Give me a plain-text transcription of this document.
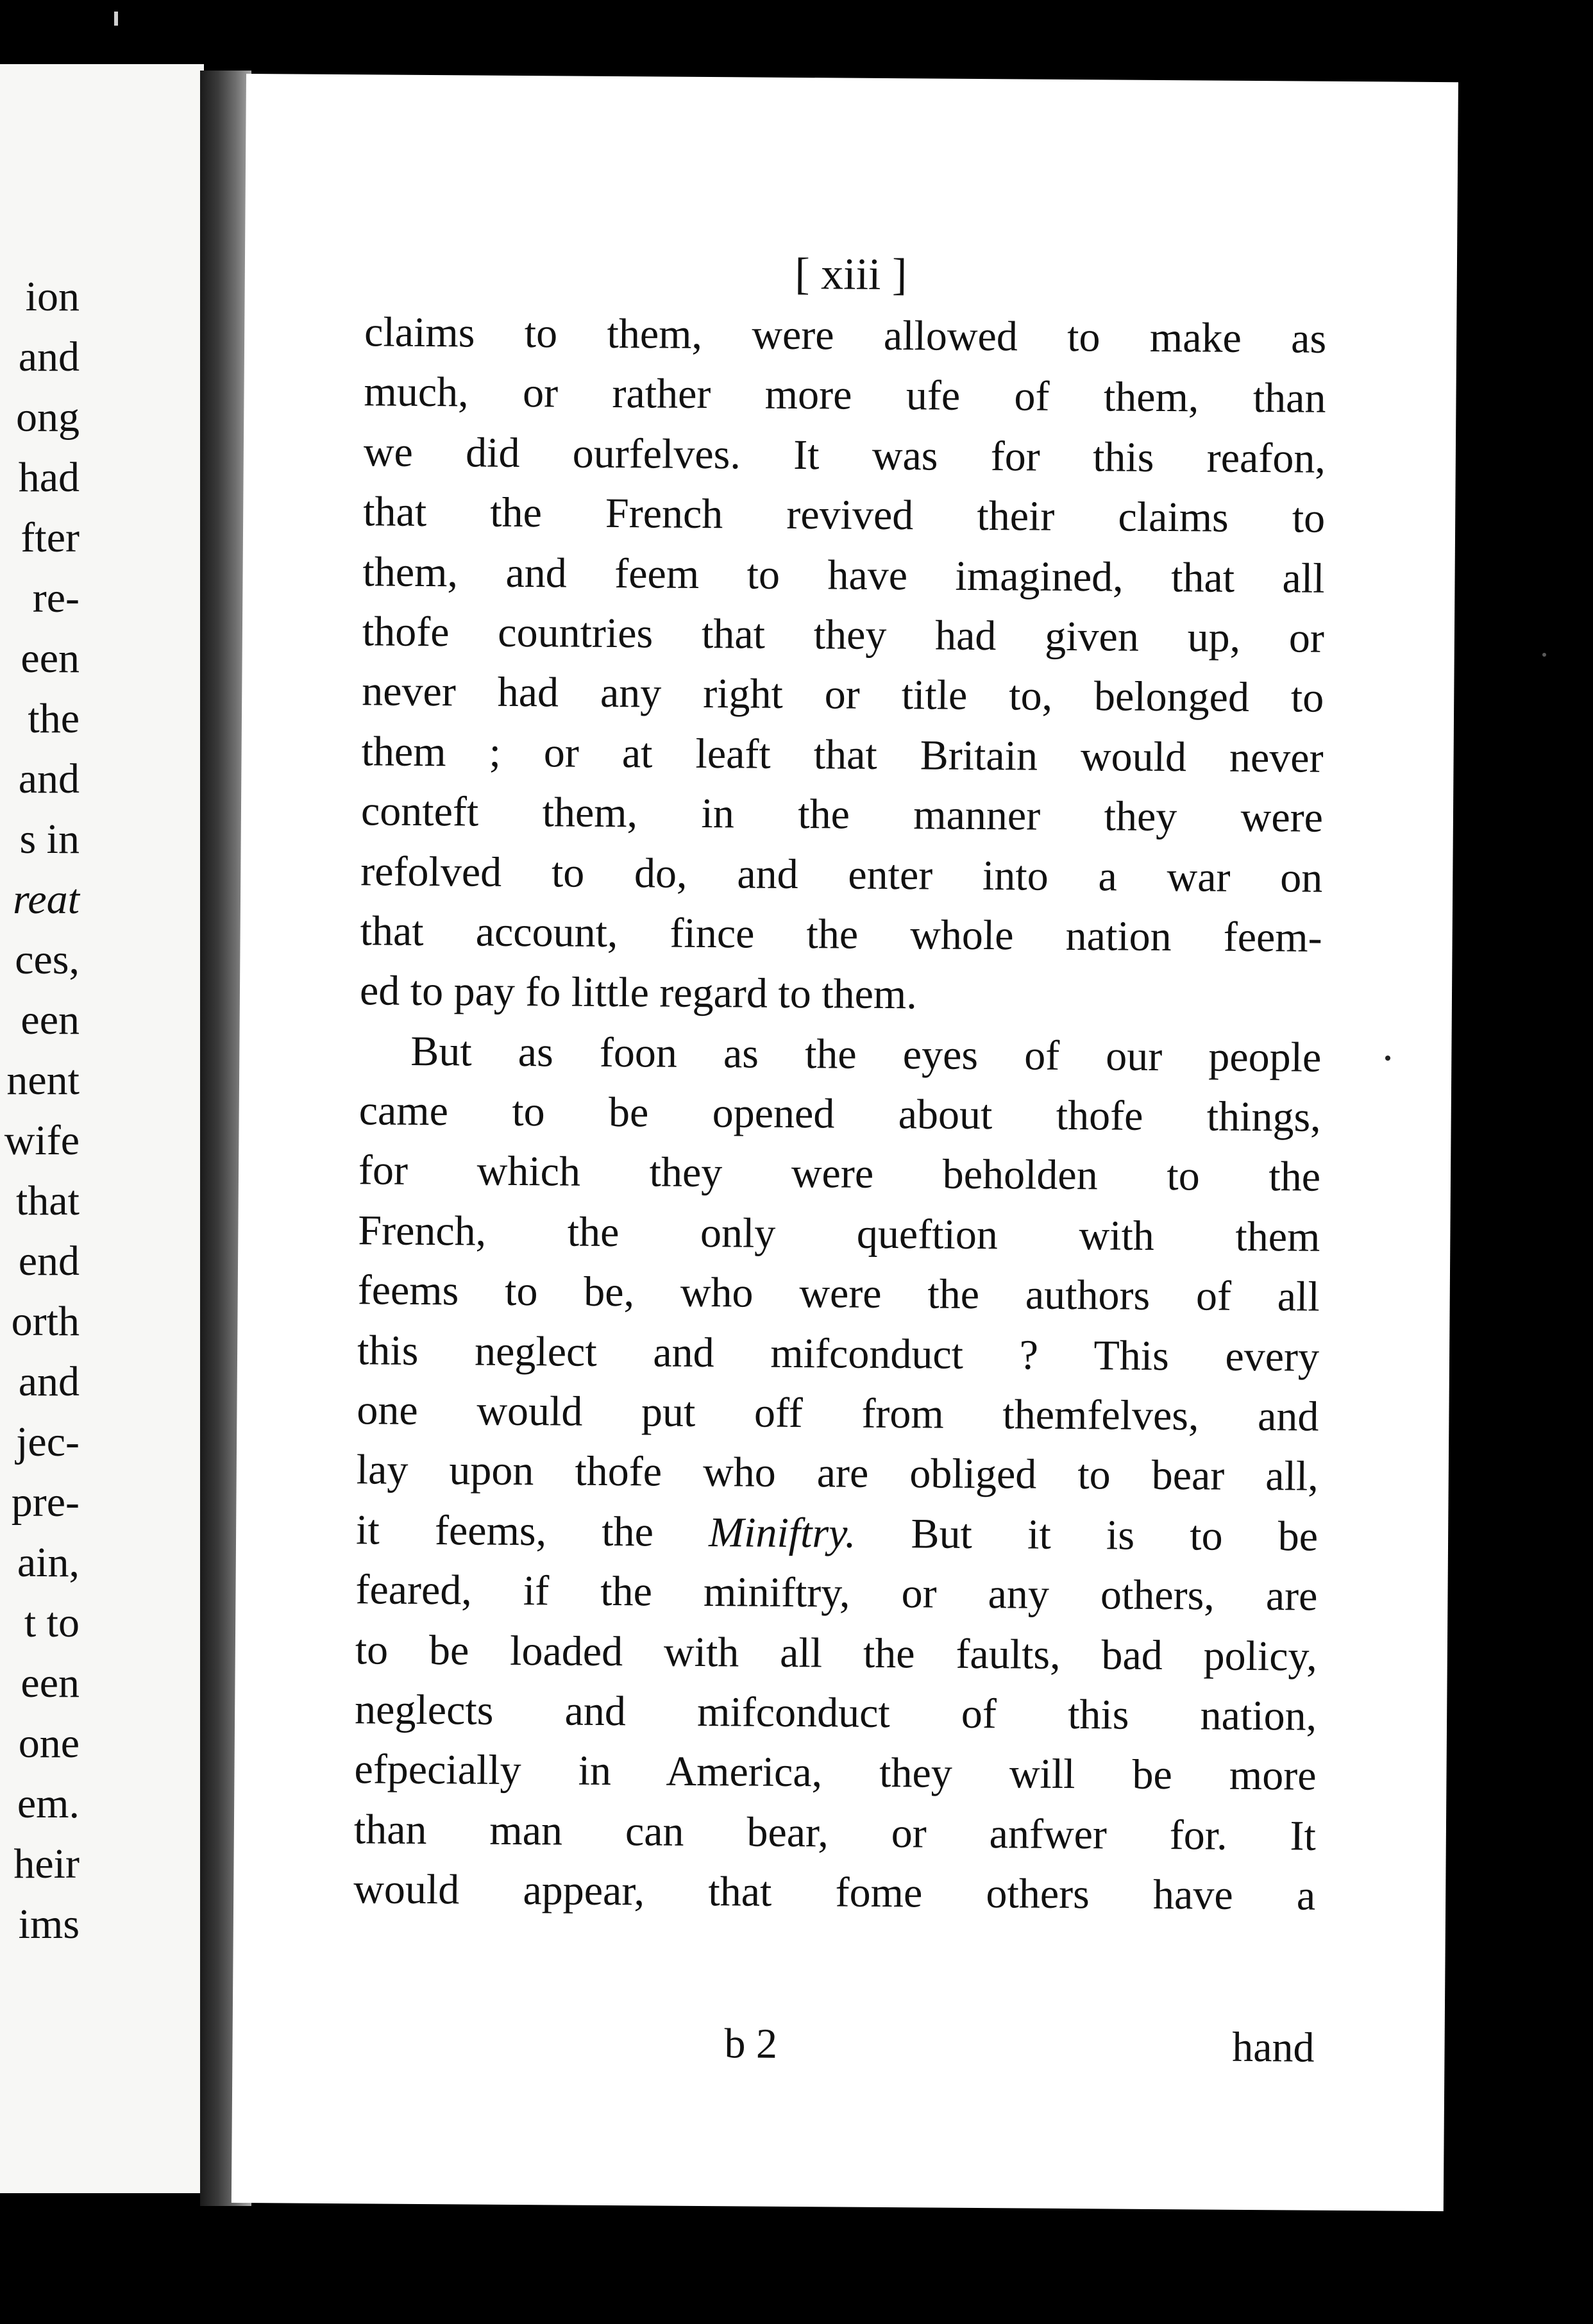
ion
and
ong
had
fter
re-
een
the
and
s in
reat
ces,
een
nent
wife
that
end
orth
and
jec-
pre-
ain,
t to
een
one
em.
heir
ims
[ xiii ]
claims to them, were allowed to make as
much, or rather more ufe of them, than
we did ourfelves. It was for this reafon,
that the French revived their claims to
them, and feem to have imagined, that all
thofe countries that they had given up, or
never had any right or title to, belonged to
them ; or at leaft that Britain would never
conteft them, in the manner they were
refolved to do, and enter into a war on
that account, fince the whole nation feem-
ed to pay fo little regard to them.
But as foon as the eyes of our people
came to be opened about thofe things,
for which they were beholden to the
French, the only queftion with them
feems to be, who were the authors of all
this neglect and mifconduct ? This every
one would put off from themfelves, and
lay upon thofe who are obliged to bear all,
it feems, the Miniftry. But it is to be
feared, if the miniftry, or any others, are
to be loaded with all the faults, bad policy,
neglects and mifconduct of this nation,
efpecially in America, they will be more
than man can bear, or anfwer for. It
would appear, that fome others have a
b 2	hand
